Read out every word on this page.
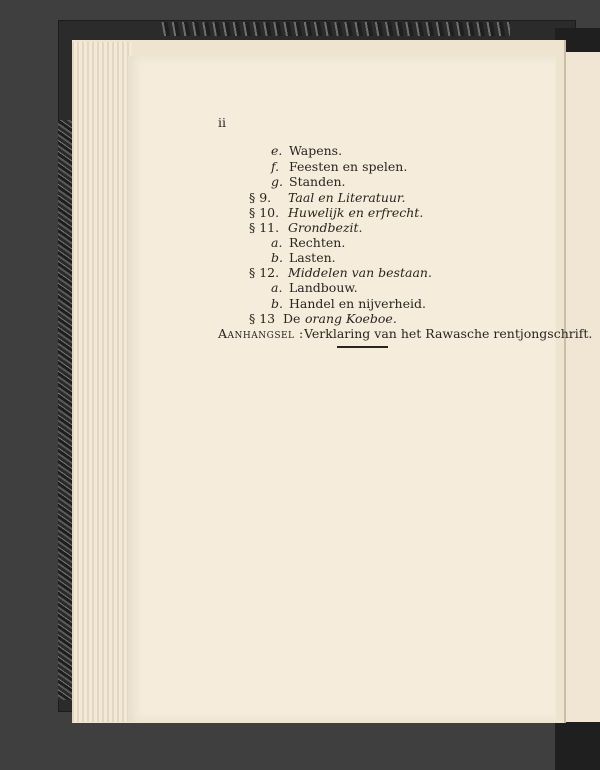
ii
e. Wapens.
f. Feesten en spelen.
g. Standen.
§ 9. Taal en Literatuur.
§ 10. Huwelijk en erfrecht.
§ 11. Grondbezit.
a. Rechten.
b. Lasten.
§ 12. Middelen van bestaan.
a. Landbouw.
b. Handel en nijverheid.
§ 13 De orang Koeboe.
Aanhangsel : Verklaring van het Rawasche rentjongschrift.
